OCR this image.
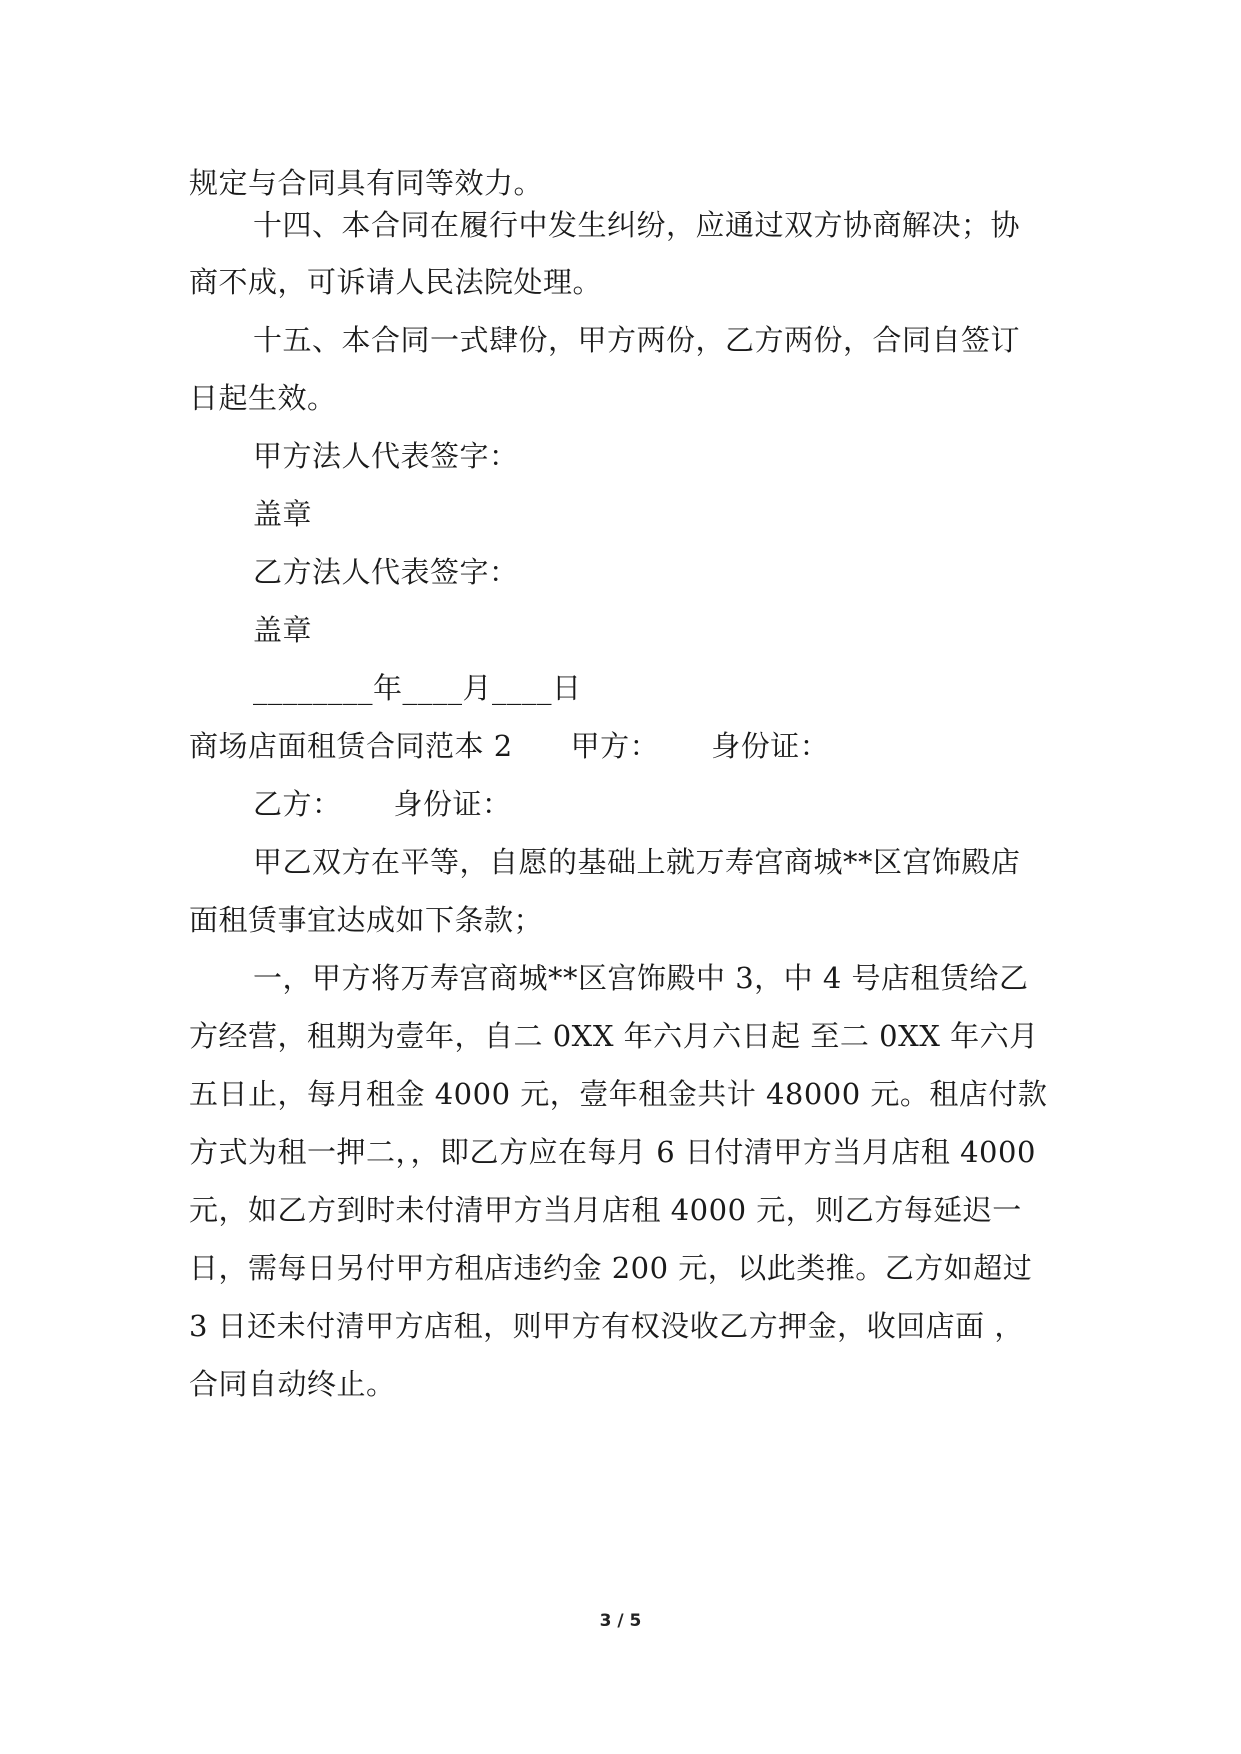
规定与合同具有同等效力。
十四、本合同在履行中发生纠纷，应通过双方协商解决；协
商不成，可诉请人民法院处理。
十五、本合同一式肆份，甲方两份，乙方两份，合同自签订
日起生效。
甲方法人代表签字：
盖章
乙方法人代表签字：
盖章
________年____月____日
商场店面租赁合同范本 2 甲方： 身份证：
乙方： 身份证：
甲乙双方在平等，自愿的基础上就万寿宫商城**区宫饰殿店
面租赁事宜达成如下条款；
一，甲方将万寿宫商城**区宫饰殿中 3，中 4 号店租赁给乙
方经营，租期为壹年，自二 0XX 年六月六日起 至二 0XX 年六月
五日止，每月租金 4000 元，壹年租金共计 48000 元。租店付款
方式为租一押二，，即乙方应在每月 6 日付清甲方当月店租 4000
元，如乙方到时未付清甲方当月店租 4000 元，则乙方每延迟一
日，需每日另付甲方租店违约金 200 元，以此类推。乙方如超过
3 日还未付清甲方店租，则甲方有权没收乙方押金，收回店面 ，
合同自动终止。
3 / 5
